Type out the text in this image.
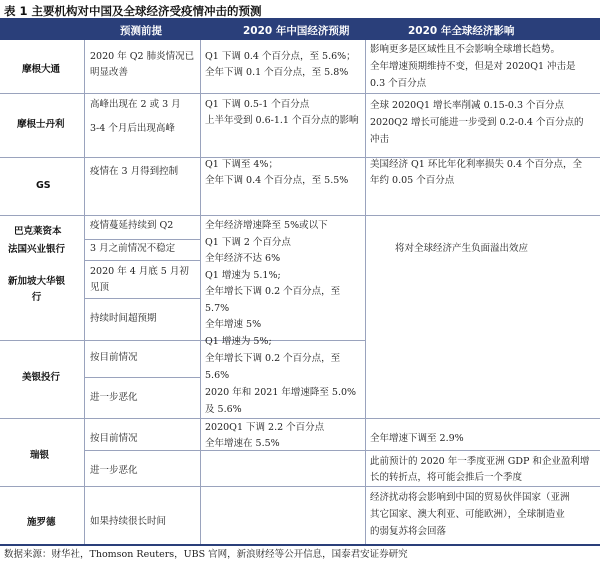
表 1 主要机构对中国及全球经济受疫情冲击的预测
预测前提	2020 年中国经济预期	2020 年全球经济影响
摩根大通
摩根士丹利
GS
巴克莱资本
法国兴业银行
新加坡大华银
行
美银投行
瑞银
施罗德
2020 年 Q2 肺炎情况已
明显改善
高峰出现在 2 或 3 月
3-4 个月后出现高峰
疫情在 3 月得到控制
疫情蔓延持续到 Q2
3 月之前情况不稳定
2020 年 4 月底 5 月初
见顶
持续时间超预期
按目前情况
进一步恶化
按目前情况
进一步恶化
如果持续很长时间
Q1 下调 0.4 个百分点，至 5.6%；
全年下调 0.1 个百分点，至 5.8%
Q1 下调 0.5-1 个百分点
上半年受到 0.6-1.1 个百分点的影响
Q1 下调至 4%；
全年下调 0.4 个百分点，至 5.5%
全年经济增速降至 5%或以下
Q1 下调 2 个百分点
全年经济不达 6%
Q1 增速为 5.1%;
全年增长下调 0.2 个百分点，至
5.7%
全年增速 5%
Q1 增速为 5%;
全年增长下调 0.2 个百分点，至
5.6%
2020 年和 2021 年增速降至 5.0%
及 5.6%
2020Q1 下调 2.2 个百分点
全年增速在 5.5%
影响更多是区域性且不会影响全球增长趋势。
全年增速预期维持不变，但是对 2020Q1 冲击是
0.3 个百分点
全球 2020Q1 增长率削减 0.15-0.3 个百分点
2020Q2 增长可能进一步受到 0.2-0.4 个百分点的
冲击
美国经济 Q1 环比年化利率损失 0.4 个百分点，全
年约 0.05 个百分点
将对全球经济产生负面溢出效应
全年增速下调至 2.9%
此前预计的 2020 年一季度亚洲 GDP 和企业盈利增
长的转折点，将可能会推后一个季度
经济扰动将会影响到中国的贸易伙伴国家（亚洲
其它国家、澳大利亚、可能欧洲），全球制造业
的弱复苏将会回落
数据来源：财华社，Thomson Reuters，UBS 官网，新浪财经等公开信息，国泰君安证券研究
